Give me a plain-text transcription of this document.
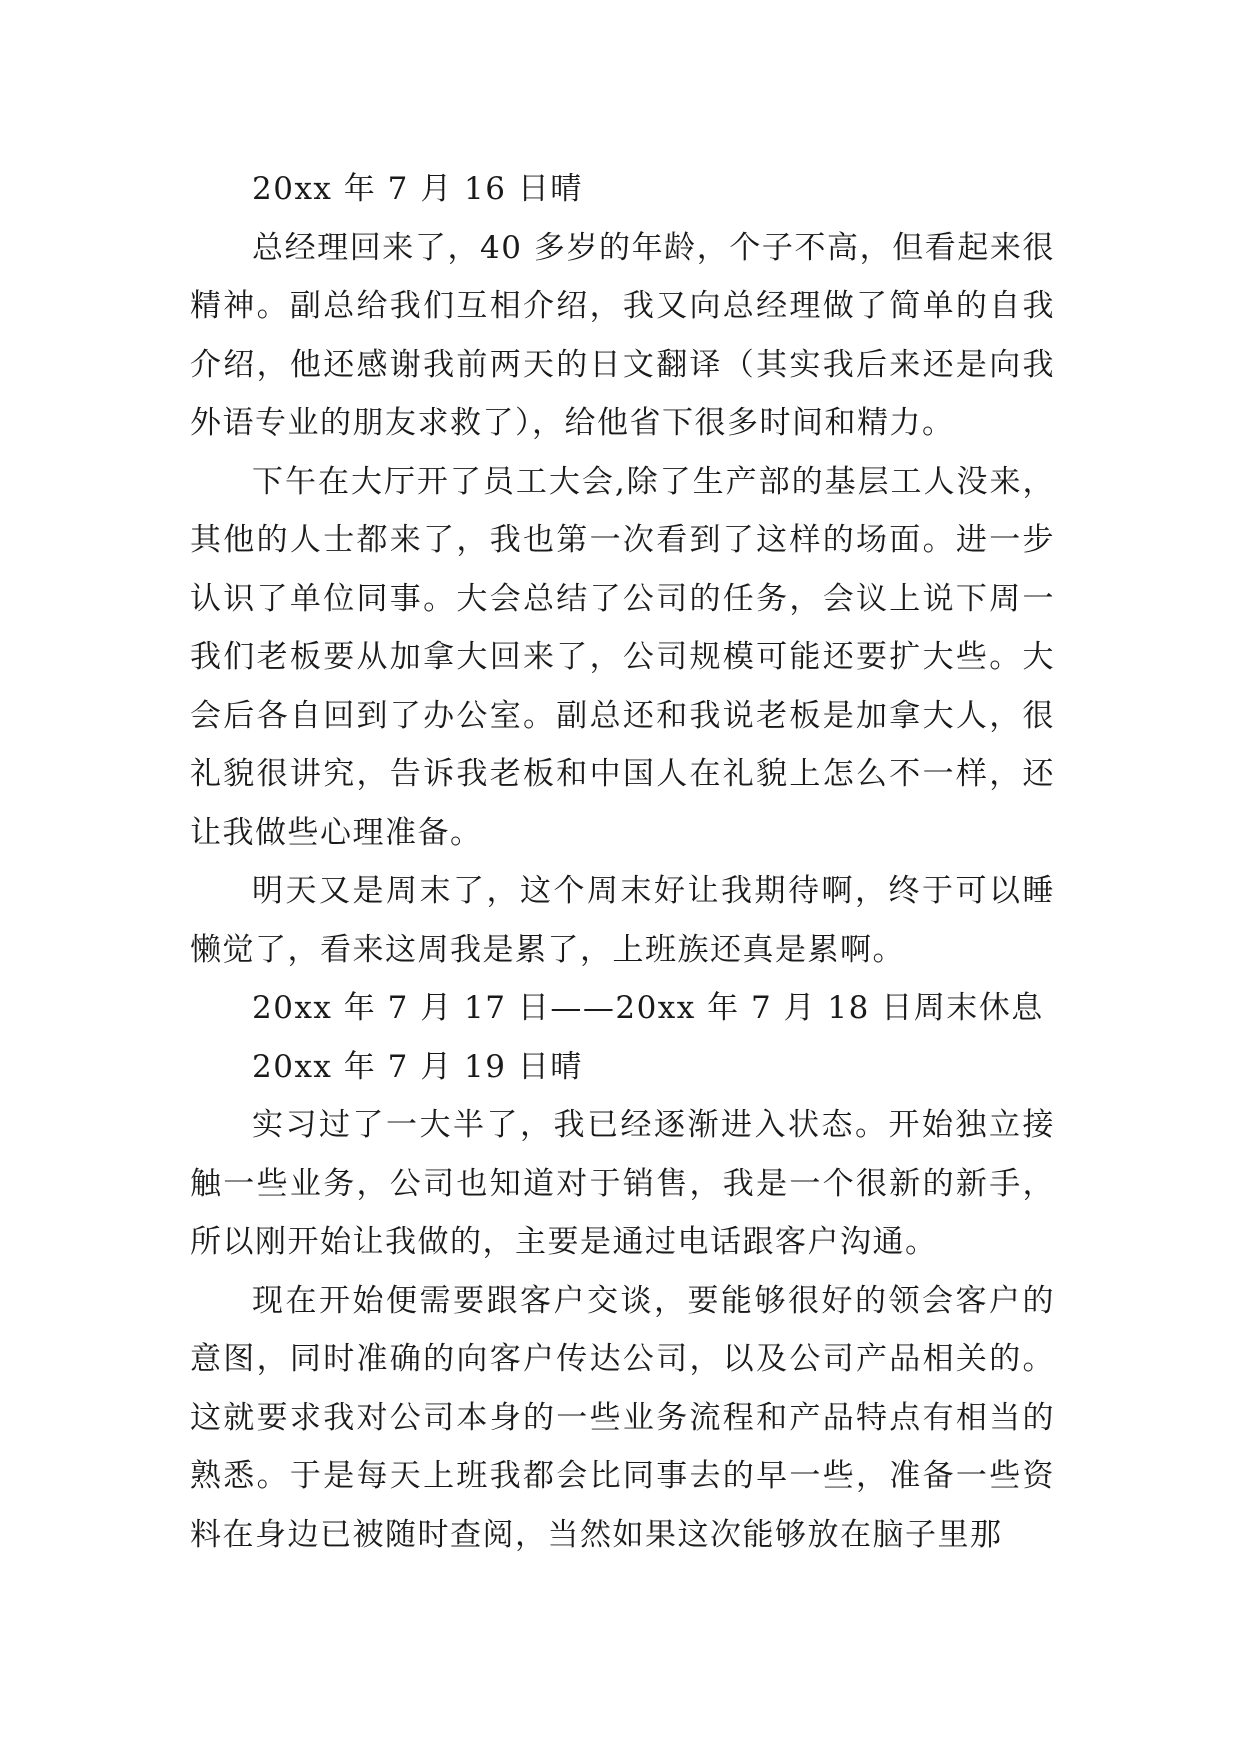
20xx 年 7 月 16 日晴

总经理回来了，40 多岁的年龄，个子不高，但看起来很精神。副总给我们互相介绍，我又向总经理做了简单的自我介绍，他还感谢我前两天的日文翻译（其实我后来还是向我外语专业的朋友求救了），给他省下很多时间和精力。

下午在大厅开了员工大会,除了生产部的基层工人没来，其他的人士都来了，我也第一次看到了这样的场面。进一步认识了单位同事。大会总结了公司的任务，会议上说下周一我们老板要从加拿大回来了，公司规模可能还要扩大些。大会后各自回到了办公室。副总还和我说老板是加拿大人，很礼貌很讲究，告诉我老板和中国人在礼貌上怎么不一样，还让我做些心理准备。

明天又是周末了，这个周末好让我期待啊，终于可以睡懒觉了，看来这周我是累了，上班族还真是累啊。

20xx 年 7 月 17 日——20xx 年 7 月 18 日周末休息

20xx 年 7 月 19 日晴

实习过了一大半了，我已经逐渐进入状态。开始独立接触一些业务，公司也知道对于销售，我是一个很新的新手，所以刚开始让我做的，主要是通过电话跟客户沟通。

现在开始便需要跟客户交谈，要能够很好的领会客户的意图，同时准确的向客户传达公司，以及公司产品相关的。这就要求我对公司本身的一些业务流程和产品特点有相当的熟悉。于是每天上班我都会比同事去的早一些，准备一些资料在身边已被随时查阅，当然如果这次能够放在脑子里那
